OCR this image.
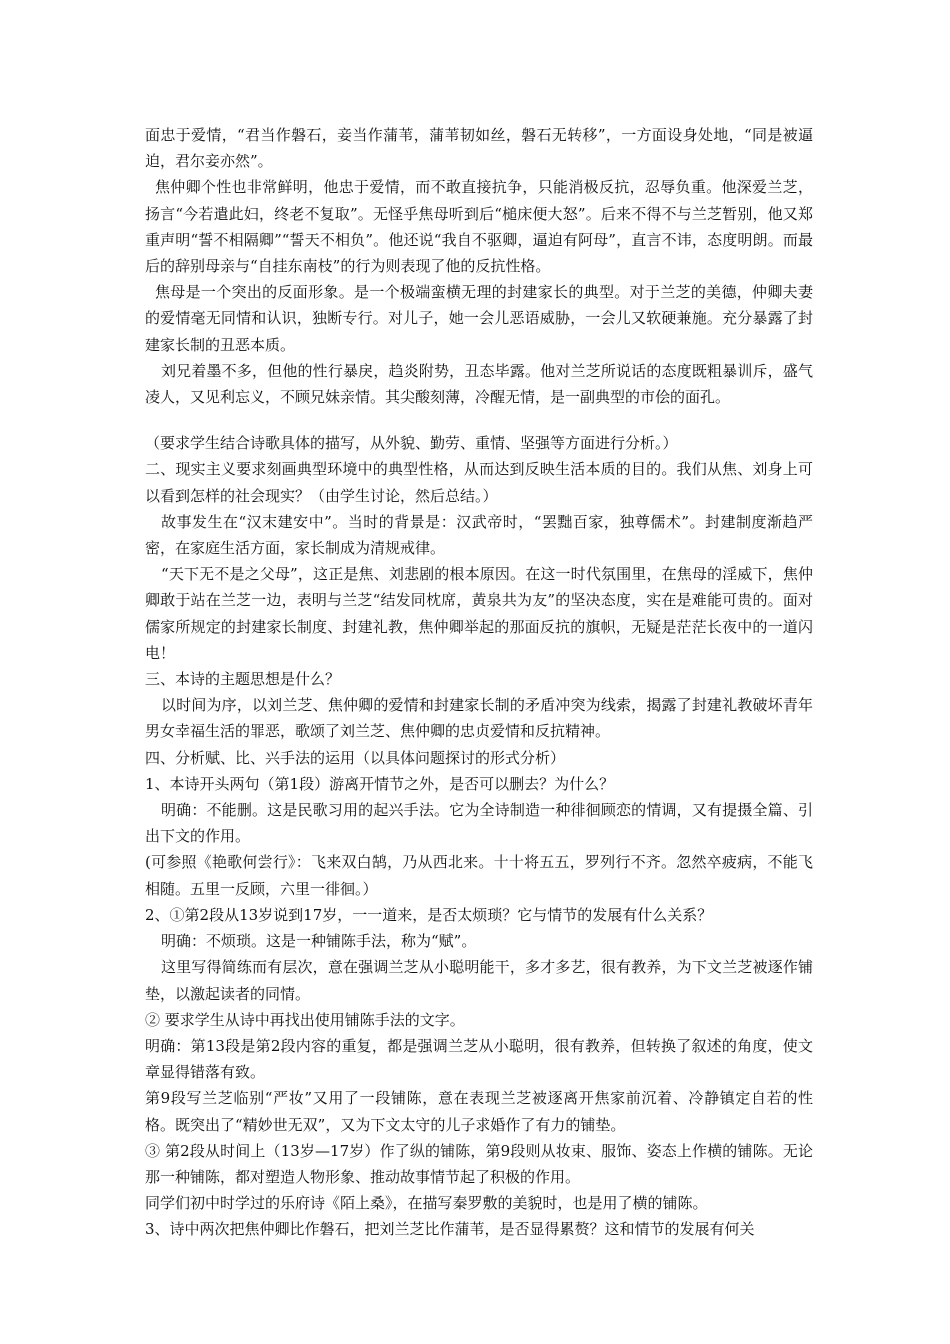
面忠于爱情，“君当作磐石，妾当作蒲苇，蒲苇韧如丝，磐石无转移”，一方面设身处地，“同是被逼迫，君尔妾亦然”。

焦仲卿个性也非常鲜明，他忠于爱情，而不敢直接抗争，只能消极反抗，忍辱负重。他深爱兰芝，扬言“今若遣此妇，终老不复取”。无怪乎焦母听到后“槌床便大怒”。后来不得不与兰芝暂别，他又郑重声明“誓不相隔卿”“誓天不相负”。他还说“我自不驱卿，逼迫有阿母”，直言不讳，态度明朗。而最后的辞别母亲与“自挂东南枝”的行为则表现了他的反抗性格。

焦母是一个突出的反面形象。是一个极端蛮横无理的封建家长的典型。对于兰芝的美德，仲卿夫妻的爱情毫无同情和认识，独断专行。对儿子，她一会儿恶语威胁，一会儿又软硬兼施。充分暴露了封建家长制的丑恶本质。

刘兄着墨不多，但他的性行暴戾，趋炎附势，丑态毕露。他对兰芝所说话的态度既粗暴训斥，盛气凌人，又见利忘义，不顾兄妹亲情。其尖酸刻薄，冷醒无情，是一副典型的市侩的面孔。

（要求学生结合诗歌具体的描写，从外貌、勤劳、重情、坚强等方面进行分析。）

二、现实主义要求刻画典型环境中的典型性格，从而达到反映生活本质的目的。我们从焦、刘身上可以看到怎样的社会现实？（由学生讨论，然后总结。）

故事发生在“汉末建安中”。当时的背景是：汉武帝时，“罢黜百家，独尊儒术”。封建制度渐趋严密，在家庭生活方面，家长制成为清规戒律。

“天下无不是之父母”，这正是焦、刘悲剧的根本原因。在这一时代氛围里，在焦母的淫威下，焦仲卿敢于站在兰芝一边，表明与兰芝“结发同枕席，黄泉共为友”的坚决态度，实在是难能可贵的。面对儒家所规定的封建家长制度、封建礼教，焦仲卿举起的那面反抗的旗帜，无疑是茫茫长夜中的一道闪电！

三、本诗的主题思想是什么？

以时间为序，以刘兰芝、焦仲卿的爱情和封建家长制的矛盾冲突为线索，揭露了封建礼教破坏青年男女幸福生活的罪恶，歌颂了刘兰芝、焦仲卿的忠贞爱情和反抗精神。

四、分析赋、比、兴手法的运用（以具体问题探讨的形式分析）

1、本诗开头两句（第1段）游离开情节之外，是否可以删去？为什么？

明确：不能删。这是民歌习用的起兴手法。它为全诗制造一种徘徊顾恋的情调，又有提摄全篇、引出下文的作用。

(可参照《艳歌何尝行》：飞来双白鹄，乃从西北来。十十将五五，罗列行不齐。忽然卒疲病，不能飞相随。五里一反顾，六里一徘徊。）

2、①第2段从13岁说到17岁，一一道来，是否太烦琐？它与情节的发展有什么关系？

明确：不烦琐。这是一种铺陈手法，称为“赋”。

这里写得简练而有层次，意在强调兰芝从小聪明能干，多才多艺，很有教养，为下文兰芝被逐作铺垫，以激起读者的同情。

② 要求学生从诗中再找出使用铺陈手法的文字。

明确：第13段是第2段内容的重复，都是强调兰芝从小聪明，很有教养，但转换了叙述的角度，使文章显得错落有致。

第9段写兰芝临别“严妆”又用了一段铺陈，意在表现兰芝被逐离开焦家前沉着、冷静镇定自若的性格。既突出了“精妙世无双”，又为下文太守的儿子求婚作了有力的铺垫。

③ 第2段从时间上（13岁—17岁）作了纵的铺陈，第9段则从妆束、服饰、姿态上作横的铺陈。无论那一种铺陈，都对塑造人物形象、推动故事情节起了积极的作用。

同学们初中时学过的乐府诗《陌上桑》，在描写秦罗敷的美貌时，也是用了横的铺陈。

3、诗中两次把焦仲卿比作磐石，把刘兰芝比作蒲苇，是否显得累赘？这和情节的发展有何关
